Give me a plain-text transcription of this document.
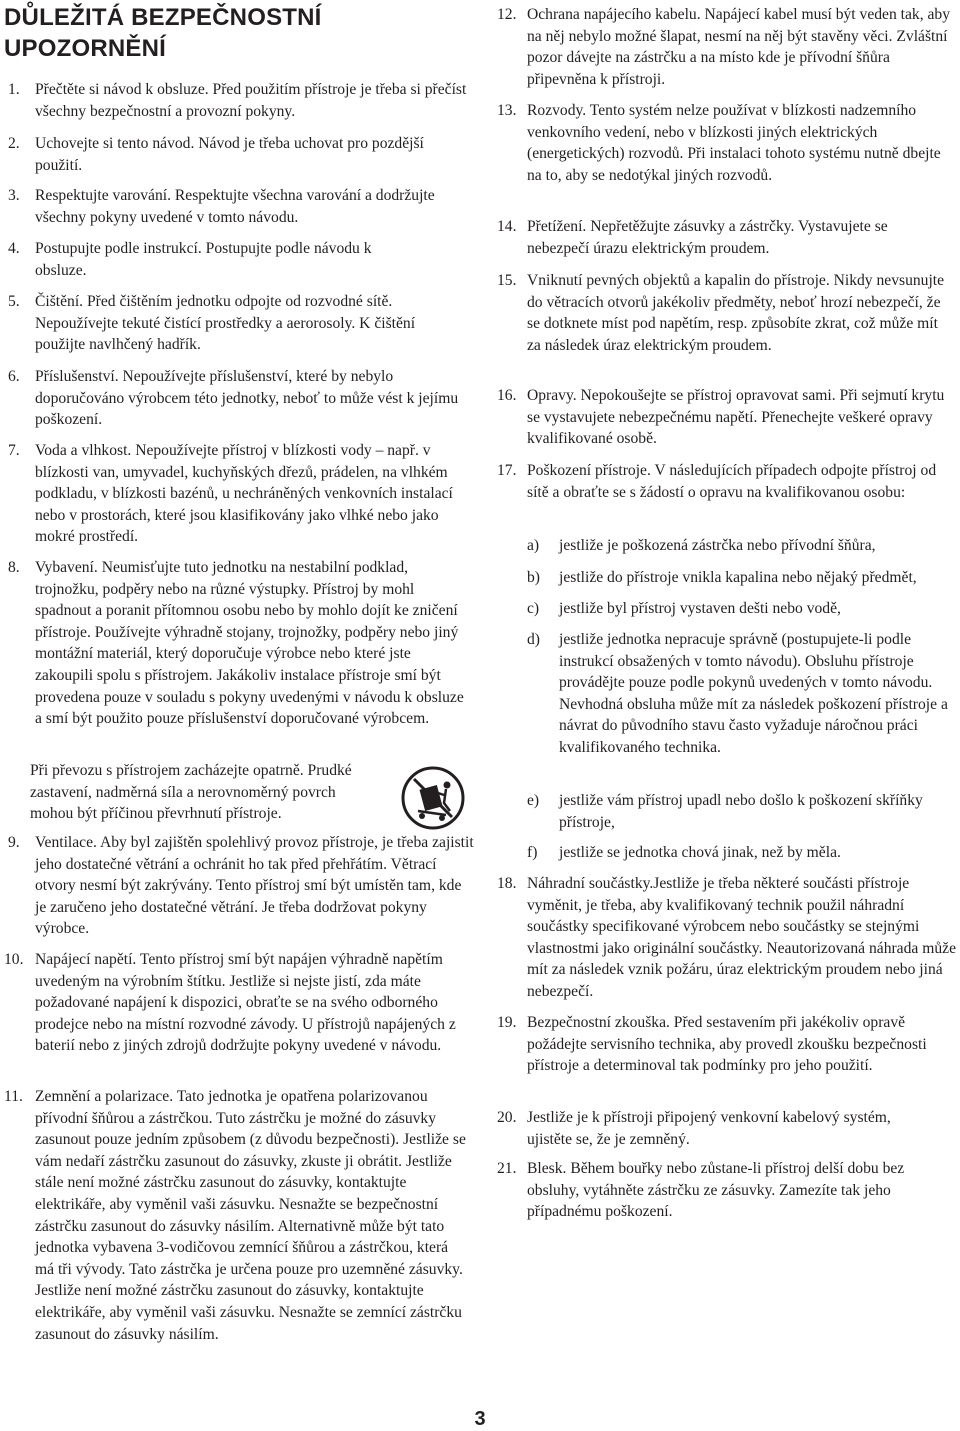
DŮLEŽITÁ BEZPEČNOSTNÍ UPOZORNĚNÍ
1. Přečtěte si návod k obsluze. Před použitím přístroje je třeba si přečíst všechny bezpečnostní a provozní pokyny.
2. Uchovejte si tento návod. Návod je třeba uchovat pro pozdější použití.
3. Respektujte varování. Respektujte všechna varování a dodržujte všechny pokyny uvedené v tomto návodu.
4. Postupujte podle instrukcí. Postupujte podle návodu k obsluze.
5. Čištění. Před čištěním jednotku odpojte od rozvodné sítě. Nepoužívejte tekuté čistící prostředky a aerorosoly. K čištění použijte navlhčený hadřík.
6. Příslušenství. Nepoužívejte příslušenství, které by nebylo doporučováno výrobcem této jednotky, neboť to může vést k jejímu poškození.
7. Voda a vlhkost. Nepoužívejte přístroj v blízkosti vody – např. v blízkosti van, umyvadel, kuchyňských dřezů, prádelen, na vlhkém podkladu, v blízkosti bazénů, u nechráněných venkovních instalací nebo v prostorách, které jsou klasifikovány jako vlhké nebo jako mokré prostředí.
8. Vybavení. Neumisťujte tuto jednotku na nestabilní podklad, trojnožku, podpěry nebo na různé výstupky. Přístroj by mohl spadnout a poranit přítomnou osobu nebo by mohlo dojít ke zničení přístroje. Používejte výhradně stojany, trojnožky, podpěry nebo jiný montážní materiál, který doporučuje výrobce nebo které jste zakoupili spolu s přístrojem. Jakákoliv instalace přístroje smí být provedena pouze v souladu s pokyny uvedenými v návodu k obsluze a smí být použito pouze příslušenství doporučované výrobcem.
Při převozu s přístrojem zacházejte opatrně. Prudké zastavení, nadměrná síla a nerovnoměrný povrch mohou být příčinou převrhnutí přístroje.
9. Ventilace. Aby byl zajištěn spolehlivý provoz přístroje, je třeba zajistit jeho dostatečné větrání a ochránit ho tak před přehřátím. Větrací otvory nesmí být zakrývány. Tento přístroj smí být umístěn tam, kde je zaručeno jeho dostatečné větrání. Je třeba dodržovat pokyny výrobce.
10. Napájecí napětí. Tento přístroj smí být napájen výhradně napětím uvedeným na výrobním štítku. Jestliže si nejste jistí, zda máte požadované napájení k dispozici, obraťte se na svého odborného prodejce nebo na místní rozvodné závody. U přístrojů napájených z baterií nebo z jiných zdrojů dodržujte pokyny uvedené v návodu.
11. Zemnění a polarizace. Tato jednotka je opatřena polarizovanou přívodní šňůrou a zástrčkou. Tuto zástrčku je možné do zásuvky zasunout pouze jedním způsobem (z důvodu bezpečnosti). Jestliže se vám nedaří zástrčku zasunout do zásuvky, zkuste ji obrátit. Jestliže stále není možné zástrčku zasunout do zásuvky, kontaktujte elektrikáře, aby vyměnil vaši zásuvku. Nesnažte se bezpečnostní zástrčku zasunout do zásuvky násilím. Alternativně může být tato jednotka vybavena 3-vodičovou zemnící šňůrou a zástrčkou, která má tři vývody. Tato zástrčka je určena pouze pro uzemněné zásuvky. Jestliže není možné zástrčku zasunout do zásuvky, kontaktujte elektrikáře, aby vyměnil vaši zásuvku. Nesnažte se zemnící zástrčku zasunout do zásuvky násilím.
12. Ochrana napájecího kabelu. Napájecí kabel musí být veden tak, aby na něj nebylo možné šlapat, nesmí na něj být stavěny věci. Zvláštní pozor dávejte na zástrčku a na místo kde je přívodní šňůra připevněna k přístroji.
13. Rozvody. Tento systém nelze používat v blízkosti nadzemního venkovního vedení, nebo v blízkosti jiných elektrických (energetických) rozvodů. Při instalaci tohoto systému nutně dbejte na to, aby se nedotýkal jiných rozvodů.
14. Přetížení. Nepřetěžujte zásuvky a zástrčky. Vystavujete se nebezpečí úrazu elektrickým proudem.
15. Vniknutí pevných objektů a kapalin do přístroje. Nikdy nevsunujte do větracích otvorů jakékoliv předměty, neboť hrozí nebezpečí, že se dotknete míst pod napětím, resp. způsobíte zkrat, což může mít za následek úraz elektrickým proudem.
16. Opravy. Nepokoušejte se přístroj opravovat sami. Při sejmutí krytu se vystavujete nebezpečnému napětí. Přenechejte veškeré opravy kvalifikované osobě.
17. Poškození přístroje. V následujících případech odpojte přístroj od sítě a obraťte se s žádostí o opravu na kvalifikovanou osobu:
a) jestliže je poškozená zástrčka nebo přívodní šňůra,
b) jestliže do přístroje vnikla kapalina nebo nějaký předmět,
c) jestliže byl přístroj vystaven dešti nebo vodě,
d) jestliže jednotka nepracuje správně (postupujete-li podle instrukcí obsažených v tomto návodu). Obsluhu přístroje provádějte pouze podle pokynů uvedených v tomto návodu. Nevhodná obsluha může mít za následek poškození přístroje a návrat do původního stavu často vyžaduje náročnou práci kvalifikovaného technika.
e) jestliže vám přístroj upadl nebo došlo k poškození skříňky přístroje,
f) jestliže se jednotka chová jinak, než by měla.
18. Náhradní součástky.Jestliže je třeba některé součásti přístroje vyměnit, je třeba, aby kvalifikovaný technik použil náhradní součástky specifikované výrobcem nebo součástky se stejnými vlastnostmi jako originální součástky. Neautorizovaná náhrada může mít za následek vznik požáru, úraz elektrickým proudem nebo jiná nebezpečí.
19. Bezpečnostní zkouška. Před sestavením při jakékoliv opravě požádejte servisního technika, aby provedl zkoušku bezpečnosti přístroje a determinoval tak podmínky pro jeho použití.
20. Jestliže je k přístroji připojený venkovní kabelový systém, ujistěte se, že je zemněný.
21. Blesk. Během bouřky nebo zůstane-li přístroj delší dobu bez obsluhy, vytáhněte zástrčku ze zásuvky. Zamezíte tak jeho případnému poškození.
3
